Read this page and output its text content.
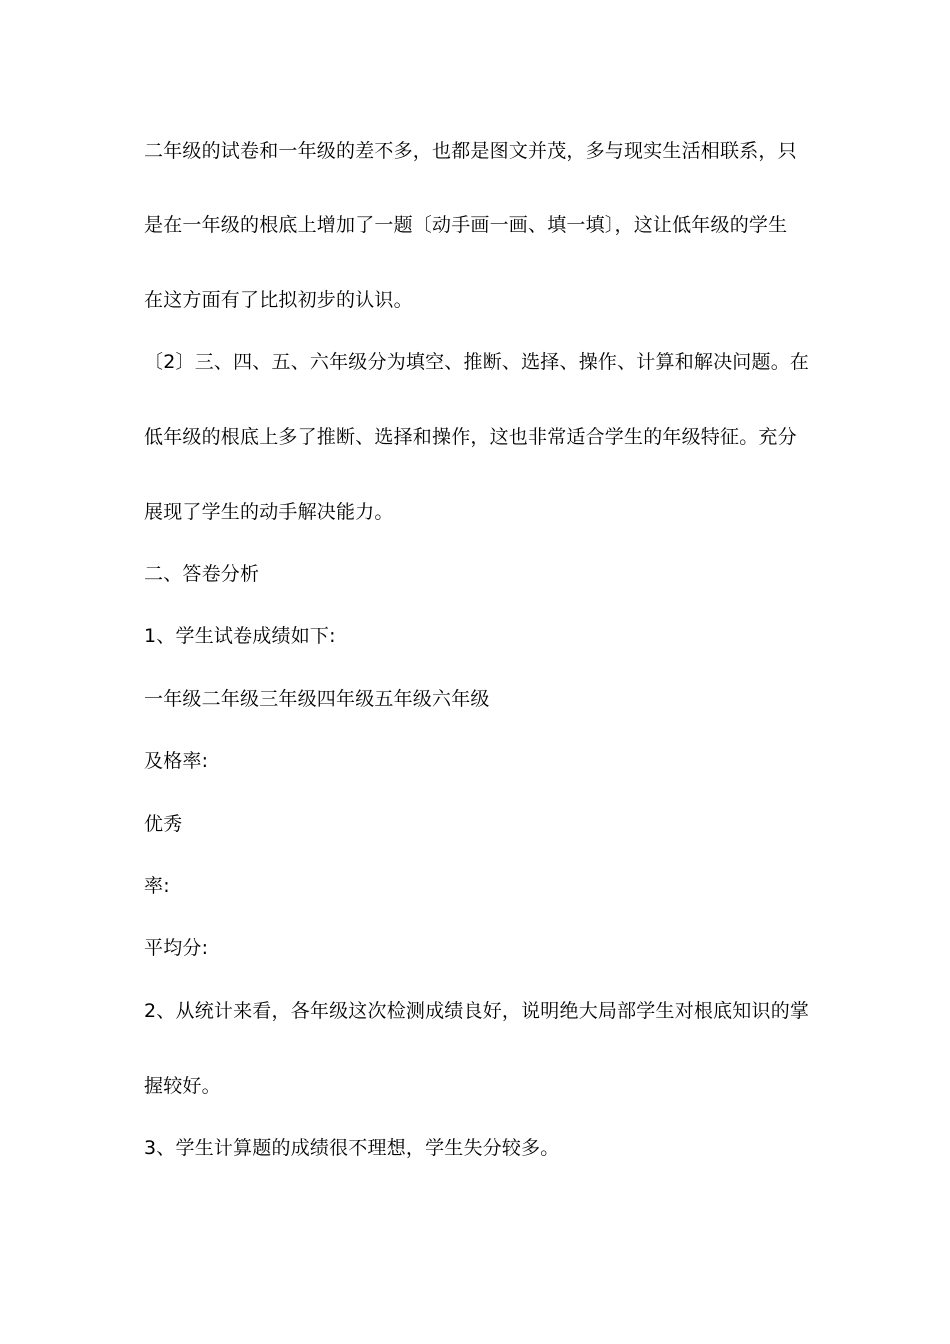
二年级的试卷和一年级的差不多，也都是图文并茂，多与现实生活相联系，只
是在一年级的根底上增加了一题〔动手画一画、填一填〕，这让低年级的学生
在这方面有了比拟初步的认识。
〔2〕三、四、五、六年级分为填空、推断、选择、操作、计算和解决问题。在
低年级的根底上多了推断、选择和操作，这也非常适合学生的年级特征。充分
展现了学生的动手解决能力。
二、答卷分析
1、学生试卷成绩如下:
一年级二年级三年级四年级五年级六年级
及格率:
优秀
率:
平均分:
2、从统计来看，各年级这次检测成绩良好，说明绝大局部学生对根底知识的掌
握较好。
3、学生计算题的成绩很不理想，学生失分较多。
